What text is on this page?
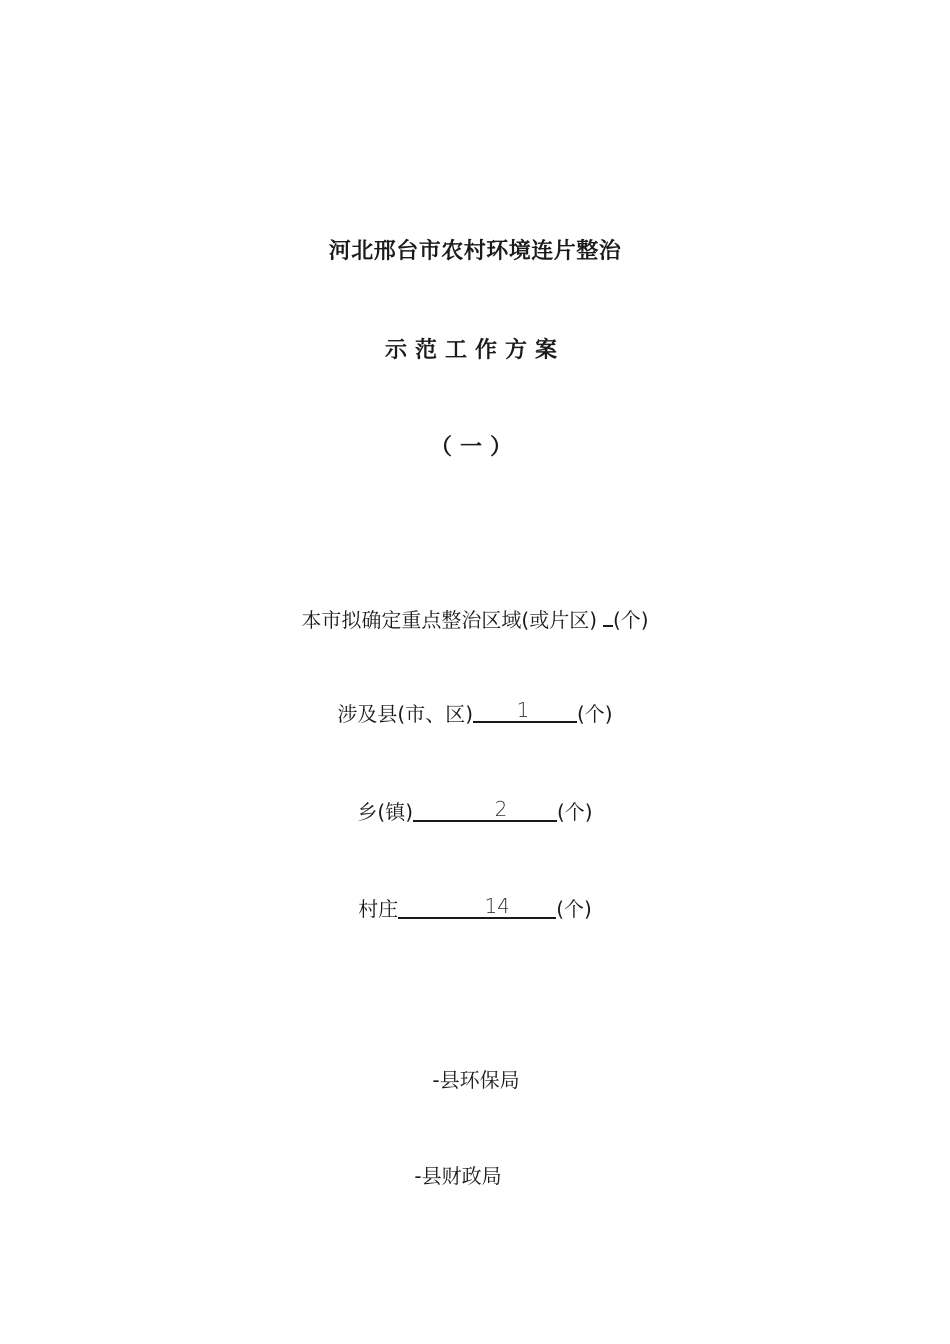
河北邢台市农村环境连片整治
示范工作方案
（一）
本市拟确定重点整治区域(或片区) (个)
涉及县(市、区) 1 (个)
乡(镇)	2 (个)
村庄	14 (个)
-县环保局
-县财政局
